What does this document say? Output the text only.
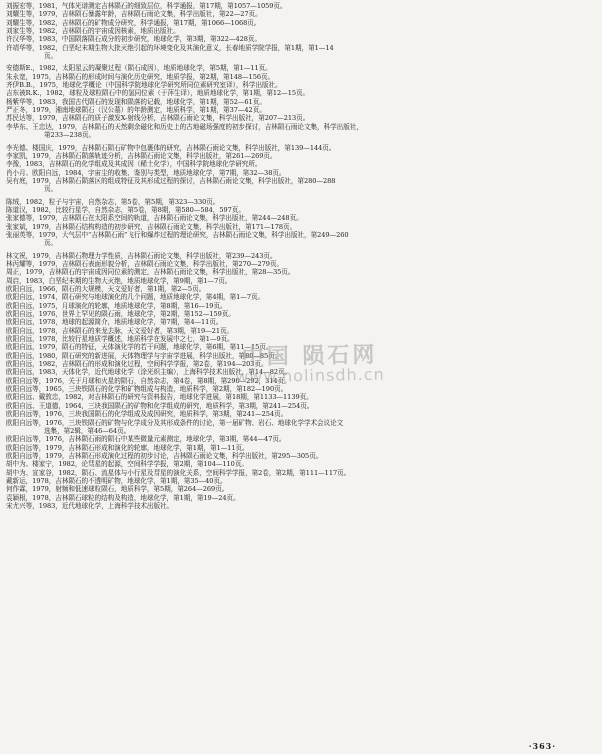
刘振宏等，1981，气体光谱测定吉林陨石的细致层位，科学通报，第17期，第1057—1059页。
刘耀生等，1979，吉林陨石暴露年龄，吉林陨石雨论文集，科学出版社，第22—27页。
刘耀生等，1982，吉林陨石的矿物成分研究，科学通报，第17期，第1066—1068页。
刘家生等，1982，吉林陨石的宇宙成因核素，地质出版社。
许汉华等，1983，中国陨落陨石成分的初步研究，地球化学，第3期，第322—428页。
许靖华等，1982，白垩纪末期生物大批灭绝引起的环境变化及其演化意义，长春地质学院学报，第1期，第1—14
页。
安德斯E.，1982，太阳星云的凝聚过程（陨石成因），地质地球化学，第5期，第1—11页。
朱永宽，1975，吉林陨石的形成时间与演化历史研究，地质学报，第2期，第148—156页。
齐伊B.B.，1975，地球化学概论（中国科学院地球化学研究所同位素研究室译），科学出版社。
吉东被R.K.，1982，球粒及球粒陨石中的氢同位素（于萍生译），地质地球化学，第1期，第12—15页。
杨紫华等，1983，我国古代陨石的发现和陨落的记载，地球化学，第1期，第52—61页。
严正冬，1979，湘南地球陨石（汉公墓）的年龄测定，地质科学，第1期，第37—42页。
苏民达等，1979，吉林陨石的质子激发X-射线分析，吉林陨石雨论文集，科学出版社，第207—213页。
李华东、王忠达，1979，吉林陨石的天然剩余磁化和历史上的古地磁场强度的初步探讨，吉林陨石雨论文集，科学出版社，
第233—238页。
李光德、楼国庆，1979，吉林陨石陨石矿物中包裹体的研究，吉林陨石雨论文集，科学出版社，第139—144页。
李家凯，1979，吉林陨石陨落轨迹分析，吉林陨石雨论文集，科学出版社，第261—269页。
李豫，1983，吉林陨石的化学组成及其成因（稀土化学），中国科学院地球化学研究所。
肖小月、欧阳自远，1984，宇宙尘的收集、鉴别与类型，地质地球化学，第7期，第32—38页。
吴有庭，1979，吉林陨石陨落区的组成特征及其形成过程的探讨，吉林陨石雨论文集，科学出版社，第280—288
页。
陈绒，1982，粒子与宇宙，自然杂志，第5卷，第5期，第323—330页。
陈道汉，1982，比较行星学，自然杂志，第5卷，第8期，第580—584，597页。
张家德等，1979，吉林陨石在太阳系空间的轨道，吉林陨石雨论文集，科学出版社，第244—248页。
张家斌，1979，吉林陨石结构构造的初步研究，吉林陨石雨论文集，科学出版社，第171—178页。
张丽英等，1979，大气层中“吉林陨石雨”飞行和爆炸过程的理论研究，吉林陨石雨论文集，科学出版社，第249—260
页。
林文祝，1979，吉林陨石物理力学性质，吉林陨石雨论文集，科学出版社，第239—243页。
林丙耀等，1979，吉林陨石表面形貌分析，吉林陨石雨论文集，科学出版社，第270—279页。
周正，1979，吉林陨石的宇宙成因同位素的测定，吉林陨石雨论文集，科学出版社，第28—35页。
周启，1983，白垩纪末期的生物大灭绝，地质地球化学，第9期，第1—7页。
欧阳自远，1966，陨石的大规模，天文爱好者，第1期，第2—5页。
欧阳自远，1974，陨石研究与地球演化的几个问题，地质地球化学，第4期，第1—7页。
欧阳自远，1975，月球演化的轮廓，地质地球化学，第8期，第16—19页。
欧阳自远，1976，世界上罕见的陨石雨，地球化学，第2期，第152—159页。
欧阳自远，1978，地球的起源简介，地质地球化学，第7期，第4—11页。
欧阳自远，1978，吉林陨石的来龙去脉，天文爱好者，第3期，第19—21页。
欧阳自远，1978，比较行星地质学概述，地质科学在发展中之七，第1—9页。
欧阳自远，1979，陨石的特征，天体演化学的若干问题，地球化学，第6期，第11—15页。
欧阳自远，1980，陨石研究的新进展，天体物理学与宇宙学进展，科学出版社，第80—85页。
欧阳自远，1982，吉林陨石的形成和演化过程，空间科学学报，第2卷，第194—203页。
欧阳自远，1983，天体化学，近代地球化学（涂光炽主编），上海科学技术出版社，第14—82页。
欧阳自远等，1976，关于月球和火星的陨石，自然杂志，第4卷，第8期，第290—292，314页。
欧阳自远等，1965，三块铁陨石的化学和矿物组成与构造，地质科学，第2期，第182—190页。
欧阳自远、戴敦忠，1982，对吉林陨石的研究与资料报告，地球化学进展，第18期，第1133—1139页。
欧阳自远、王道德，1964，三块我国陨石的矿物和化学组成的研究，地质科学，第3期，第241—254页。
欧阳自远等，1976，三块我国陨石的化学组成及成因研究，地质科学，第3期，第241—254页。
欧阳自远等，1976，三块铁陨石的矿物与化学成分及其形成条件的讨论，第一届矿物、岩石、地球化学学术会议论文
选集，第2辑，第46—64页。
欧阳自远等，1976，吉林陨石雨的陨石中某些微量元素测定，地球化学，第3期，第44—47页。
欧阳自远等，1979，吉林陨石形成和演化的轮廓，地球化学，第1期，第1—11页。
欧阳自远等，1979，吉林陨石形成演化过程的初步讨论，吉林陨石雨论文集，科学出版社，第295—305页。
胡中为、楼家宁，1982，论彗星的起源，空间科学学报，第2期，第104—110页。
胡中为、宣家谷，1982，陨石、流星体与小行星及彗星的演化关系，空间科学学报，第2卷，第2期，第111—117页。
戴新运，1978，吉林陨石的不透明矿物，地球化学，第1期，第35—40页。
何作霖，1979，射频和低速球粒陨石，地质科学，第5期，第264—269页。
袁颖根，1978，吉林陨石球粒的结构及构造，地球化学，第1期，第19—24页。
宋尤兴等，1983，近代地球化学，上海科学技术出版社。
中国 陨石网
www.nolinsdh.cn
·363·
